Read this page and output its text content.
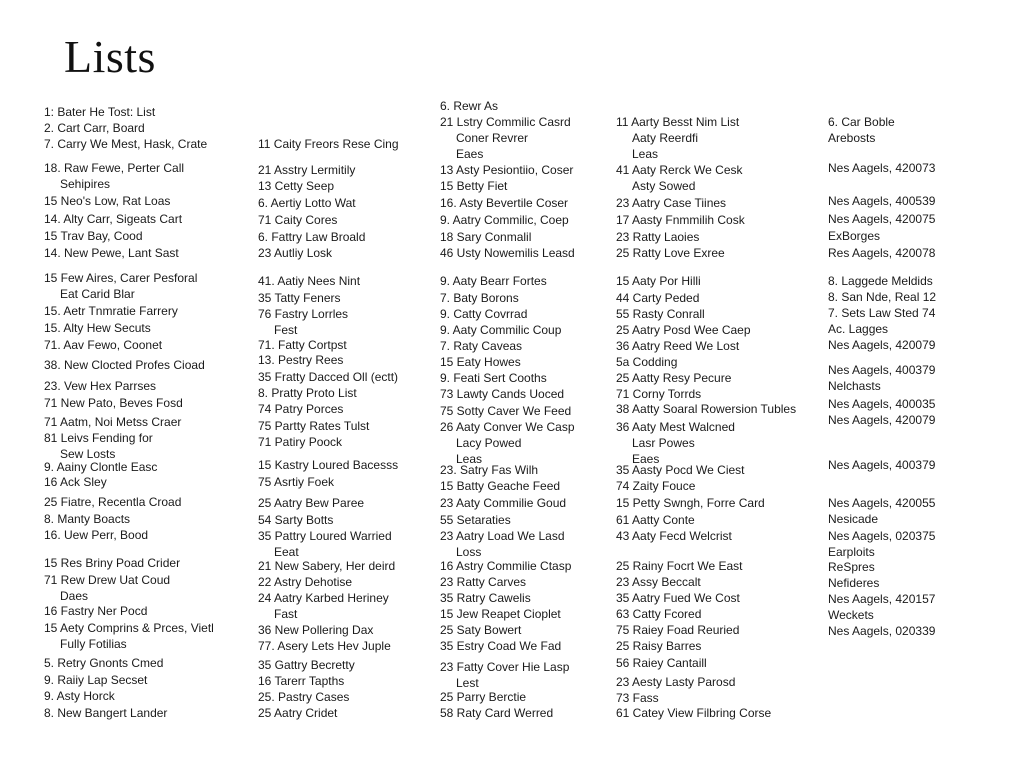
Lists
1: Bater He Tost: List
2. Cart Carr, Board
7. Carry We Mest, Hask, Crate
18. Raw Fewe, Perter Call
Sehipires
15 Neo's Low, Rat Loas
14. Alty Carr, Sigeats Cart
15 Trav Bay, Cood
14. New Pewe, Lant Sast
15 Few Aires, Carer Pesforal
Eat Carid Blar
15. Aetr Tnmratie Farrery
15. Alty Hew Secuts
71. Aav Fewo, Coonet
38. New Clocted Profes Cioad
23. Vew Hex Parrses
71 New Pato, Beves Fosd
71 Aatm, Noi Metss Craer
81 Leivs Fending for
Sew Losts
9. Aainy Clontle Easc
16 Ack Sley
25 Fiatre, Recentla Croad
8. Manty Boacts
16. Uew Perr, Bood
15 Res Briny Poad Crider
71 Rew Drew Uat Coud
Daes
16 Fastry Ner Pocd
15 Aety Comprins & Prces, Vietl
Fully Fotilias
5. Retry Gnonts Cmed
9. Raiiy Lap Secset
9. Asty Horck
8. New Bangert Lander
11 Caity Freors Rese Cing
21 Asstry Lermitily
13 Cetty Seep
6. Aertiy Lotto Wat
71 Caity Cores
6. Fattry Law Broald
23 Autliy Losk
41. Aatiy Nees Nint
35 Tatty Feners
76 Fastry Lorrles
Fest
71. Fatty Cortpst
13. Pestry Rees
35 Fratty Dacced Oll (ectt)
8. Pratty Proto List
74 Patry Porces
75 Partty Rates Tulst
71 Patiry Poock
15 Kastry Loured Bacesss
75 Asrtiy Foek
25 Aatry Bew Paree
54 Sarty Botts
35 Pattry Loured Warried
Eeat
21 New Sabery, Her deird
22 Astry Dehotise
24 Aatry Karbed Heriney
Fast
36 New Pollering Dax
77. Asery Lets Hev Juple
35 Gattry Becretty
16 Tarerr Tapths
25. Pastry Cases
25 Aatry Cridet
6. Rewr As
21 Lstry Commilic Casrd
Coner Revrer
Eaes
13 Asty Pesiontiio, Coser
15 Betty Fiet
16. Asty Bevertile Coser
9. Aatry Commilic, Coep
18 Sary Conmalil
46 Usty Nowemilis Leasd
9. Aaty Bearr Fortes
7. Baty Borons
9. Catty Covrrad
9. Aaty Commilic Coup
7. Raty Caveas
15 Eaty Howes
9. Feati Sert Cooths
73 Lawty Cands Uoced
75 Sotty Caver We Feed
26 Aaty Conver We Casp
Lacy Powed
Leas
23. Satry Fas Wilh
15 Batty Geache Feed
23 Aaty Commilie Goud
55 Setaraties
23 Aatry Load We Lasd
Loss
16 Astry Commilie Ctasp
23 Ratty Carves
35 Ratry Cawelis
15 Jew Reapet Cioplet
25 Saty Bowert
35 Estry Coad We Fad
23 Fatty Cover Hie Lasp
Lest
25 Parry Berctie
58 Raty Card Werred
11 Aarty Besst Nim List
Aaty Reerdfi
Leas
41 Aaty Rerck We Cesk
Asty Sowed
23 Aatry Case Tiines
17 Aasty Fnmmilih Cosk
23 Ratty Laoies
25 Ratty Love Exree
15 Aaty Por Hilli
44 Carty Peded
55 Rasty Conrall
25 Aatry Posd Wee Caep
36 Aatry Reed We Lost
5a Codding
25 Aatty Resy Pecure
71 Corny Torrds
38 Aatty Soaral Rowersion Tubles
36 Aaty Mest Walcned
Lasr Powes
Eaes
35 Aasty Pocd We Ciest
74 Zaity Fouce
15 Petty Swngh, Forre Card
61 Aatty Conte
43 Aaty Fecd Welcrist
25 Rainy Focrt We East
23 Assy Beccalt
35 Aatry Fued We Cost
63 Catty Fcored
75 Raiey Foad Reuried
25 Raisy Barres
56 Raiey Cantaill
23 Aesty Lasty Parosd
73 Fass
61 Catey View Filbring Corse
6. Car Boble
Arebosts
Nes Aagels, 420073
Nes Aagels, 400539
Nes Aagels, 420075
ExBorges
Res Aagels, 420078
8. Laggede Meldids
8. San Nde, Real 12
7. Sets Law Sted 74
Ac. Lagges
Nes Aagels, 420079
Nes Aagels, 400379
Nelchasts
Nes Aagels, 400035
Nes Aagels, 420079
Nes Aagels, 400379
Nes Aagels, 420055
Nesicade
Nes Aagels, 020375
Earploits
ReSpres
Nefideres
Nes Aagels, 420157
Weckets
Nes Aagels, 020339
